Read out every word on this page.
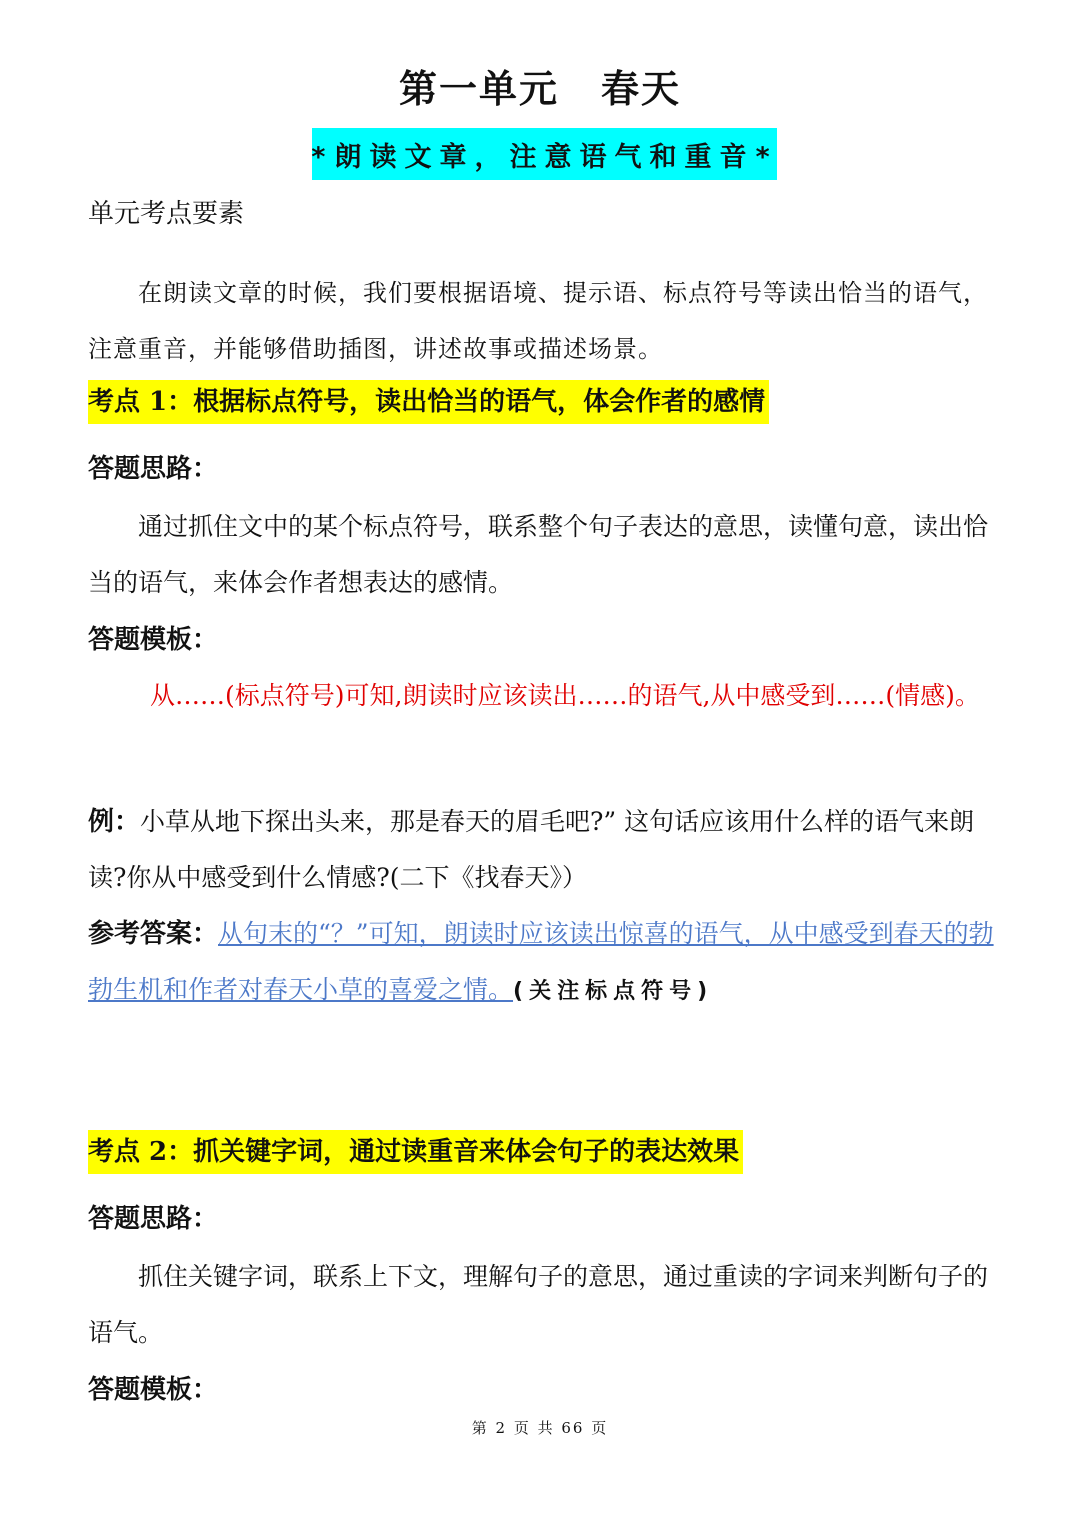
第一单元 春天
*朗读文章，注意语气和重音*
单元考点要素
在朗读文章的时候，我们要根据语境、提示语、标点符号等读出恰当的语气，注意重音，并能够借助插图，讲述故事或描述场景。
考点 1：根据标点符号，读出恰当的语气，体会作者的感情
答题思路：
通过抓住文中的某个标点符号，联系整个句子表达的意思，读懂句意，读出恰当的语气，来体会作者想表达的感情。
答题模板：
从……(标点符号)可知,朗读时应该读出……的语气,从中感受到……(情感)。
例：小草从地下探出头来，那是春天的眉毛吧?” 这句话应该用什么样的语气来朗读?你从中感受到什么情感?(二下《找春天》）
参考答案：从句末的“？”可知，朗读时应该读出惊喜的语气，从中感受到春天的勃勃生机和作者对春天小草的喜爱之情。(关注标点符号)
考点 2：抓关键字词，通过读重音来体会句子的表达效果
答题思路：
抓住关键字词，联系上下文，理解句子的意思，通过重读的字词来判断句子的语气。
答题模板：
第 2 页 共 66 页
